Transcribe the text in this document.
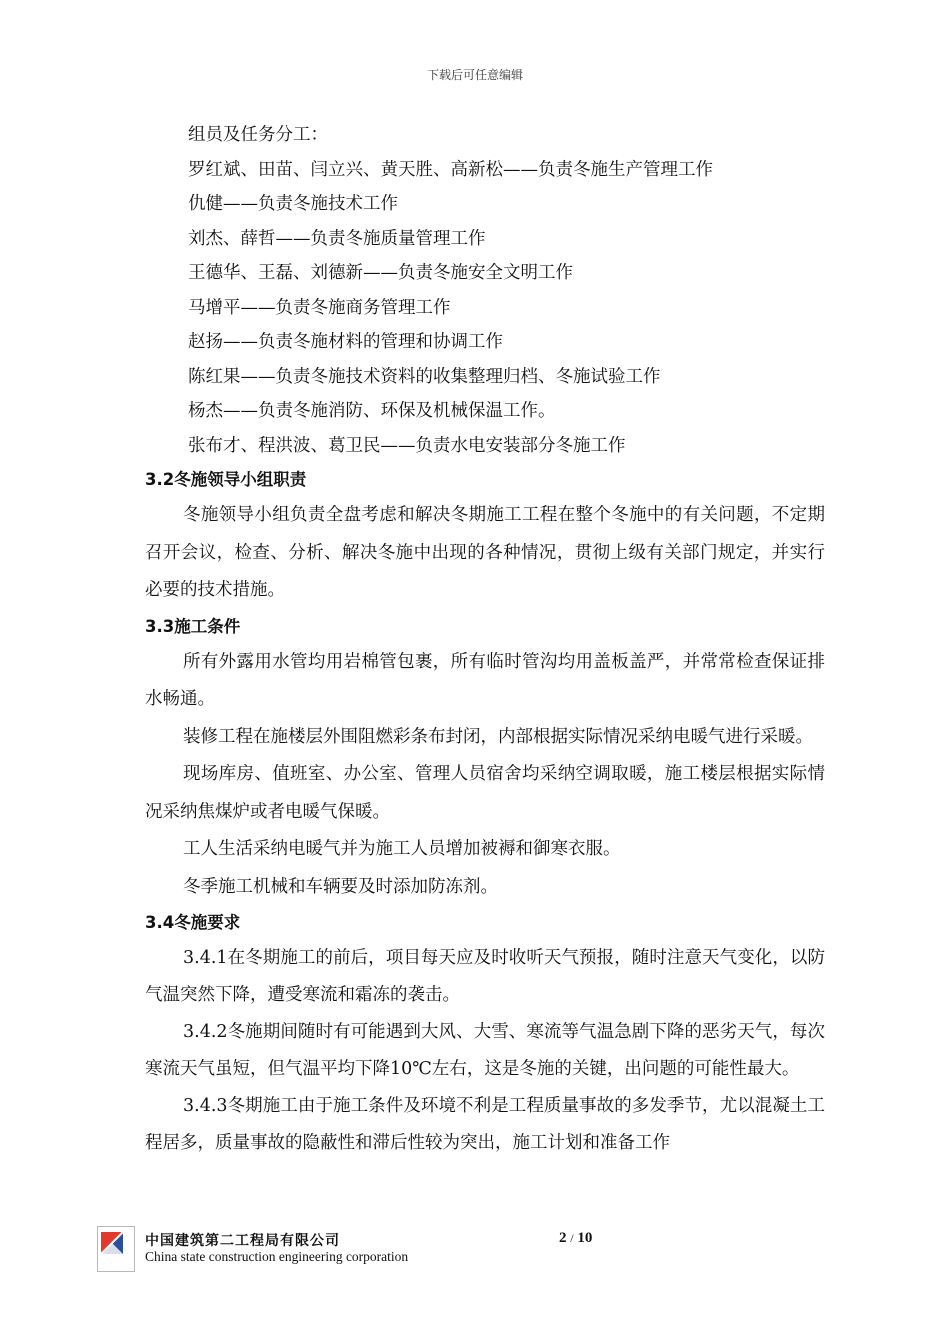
下载后可任意编辑
组员及任务分工：
罗红斌、田苗、闫立兴、黄天胜、高新松——负责冬施生产管理工作
仇健——负责冬施技术工作
刘杰、薛哲——负责冬施质量管理工作
王德华、王磊、刘德新——负责冬施安全文明工作
马增平——负责冬施商务管理工作
赵扬——负责冬施材料的管理和协调工作
陈红果——负责冬施技术资料的收集整理归档、冬施试验工作
杨杰——负责冬施消防、环保及机械保温工作。
张布才、程洪波、葛卫民——负责水电安装部分冬施工作
3.2冬施领导小组职责
冬施领导小组负责全盘考虑和解决冬期施工工程在整个冬施中的有关问题，不定期召开会议，检查、分析、解决冬施中出现的各种情况，贯彻上级有关部门规定，并实行必要的技术措施。
3.3施工条件
所有外露用水管均用岩棉管包裹，所有临时管沟均用盖板盖严，并常常检查保证排水畅通。
装修工程在施楼层外围阻燃彩条布封闭，内部根据实际情况采纳电暖气进行采暖。
现场库房、值班室、办公室、管理人员宿舍均采纳空调取暖，施工楼层根据实际情况采纳焦煤炉或者电暖气保暖。
工人生活采纳电暖气并为施工人员增加被褥和御寒衣服。
冬季施工机械和车辆要及时添加防冻剂。
3.4冬施要求
3.4.1在冬期施工的前后，项目每天应及时收听天气预报，随时注意天气变化，以防气温突然下降，遭受寒流和霜冻的袭击。
3.4.2冬施期间随时有可能遇到大风、大雪、寒流等气温急剧下降的恶劣天气，每次寒流天气虽短，但气温平均下降10℃左右，这是冬施的关键，出问题的可能性最大。
3.4.3冬期施工由于施工条件及环境不利是工程质量事故的多发季节，尤以混凝土工程居多，质量事故的隐蔽性和滞后性较为突出，施工计划和准备工作
中国建筑第二工程局有限公司
China state construction engineering corporation
2 / 10
